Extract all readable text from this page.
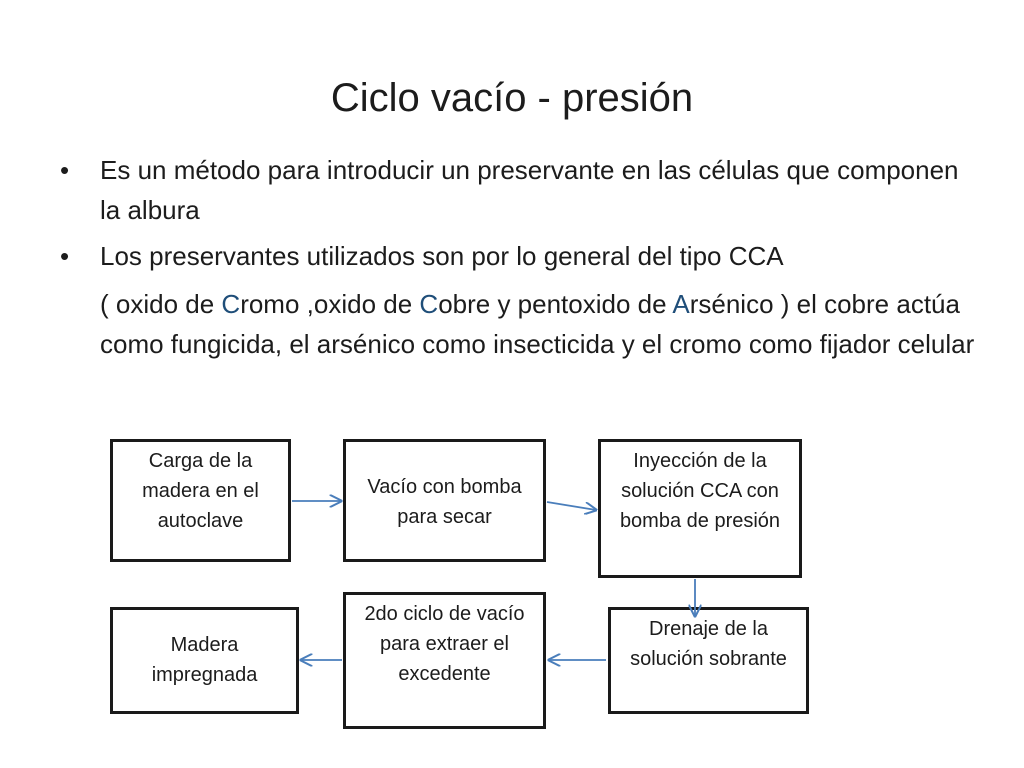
Ciclo vacío - presión
•	Es un método para introducir un preservante en las células que componen la albura
•	Los preservantes utilizados son por lo general del tipo CCA
( oxido de Cromo ,oxido de Cobre y pentoxido de Arsénico ) el cobre actúa como fungicida, el arsénico como insecticida y el cromo como fijador celular
Carga de la madera en el autoclave
Vacío con bomba para secar
Inyección de la solución CCA con bomba de presión
Drenaje de la solución sobrante
2do ciclo de vacío para extraer el excedente
Madera impregnada
